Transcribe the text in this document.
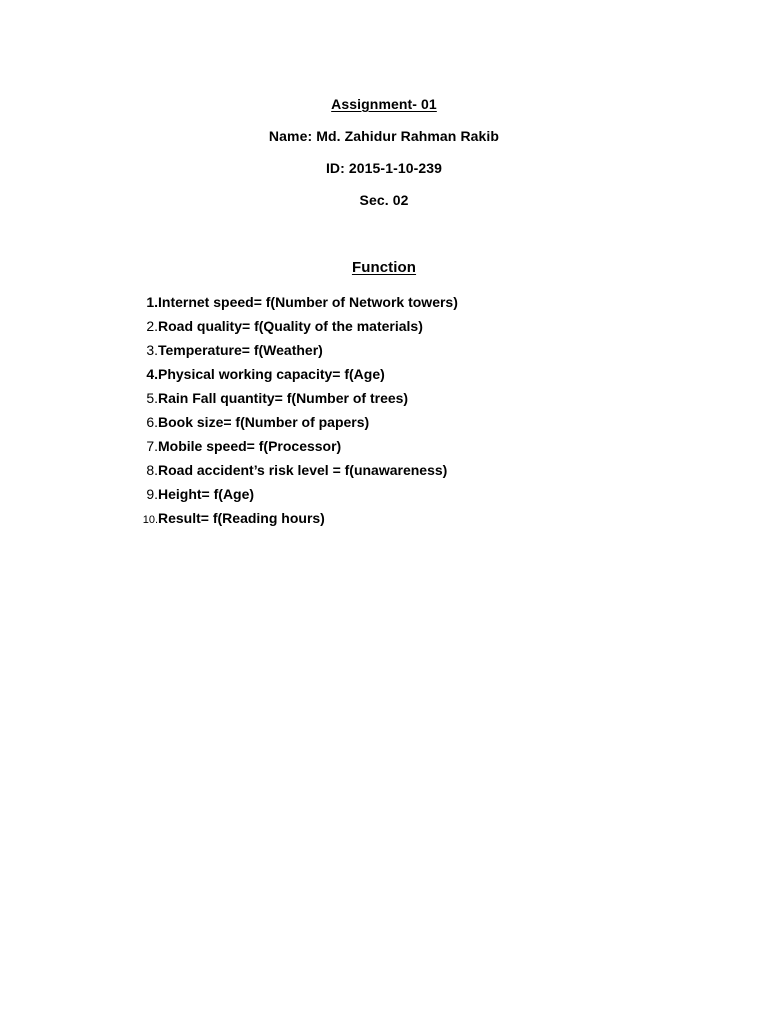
Assignment- 01
Name: Md. Zahidur Rahman Rakib
ID: 2015-1-10-239
Sec. 02
Function
1. Internet speed= f(Number of Network towers)
2. Road quality= f(Quality of the materials)
3. Temperature= f(Weather)
4. Physical working capacity= f(Age)
5. Rain Fall quantity= f(Number of trees)
6. Book size= f(Number of papers)
7. Mobile speed= f(Processor)
8. Road accident’s risk level = f(unawareness)
9. Height= f(Age)
10. Result= f(Reading hours)
